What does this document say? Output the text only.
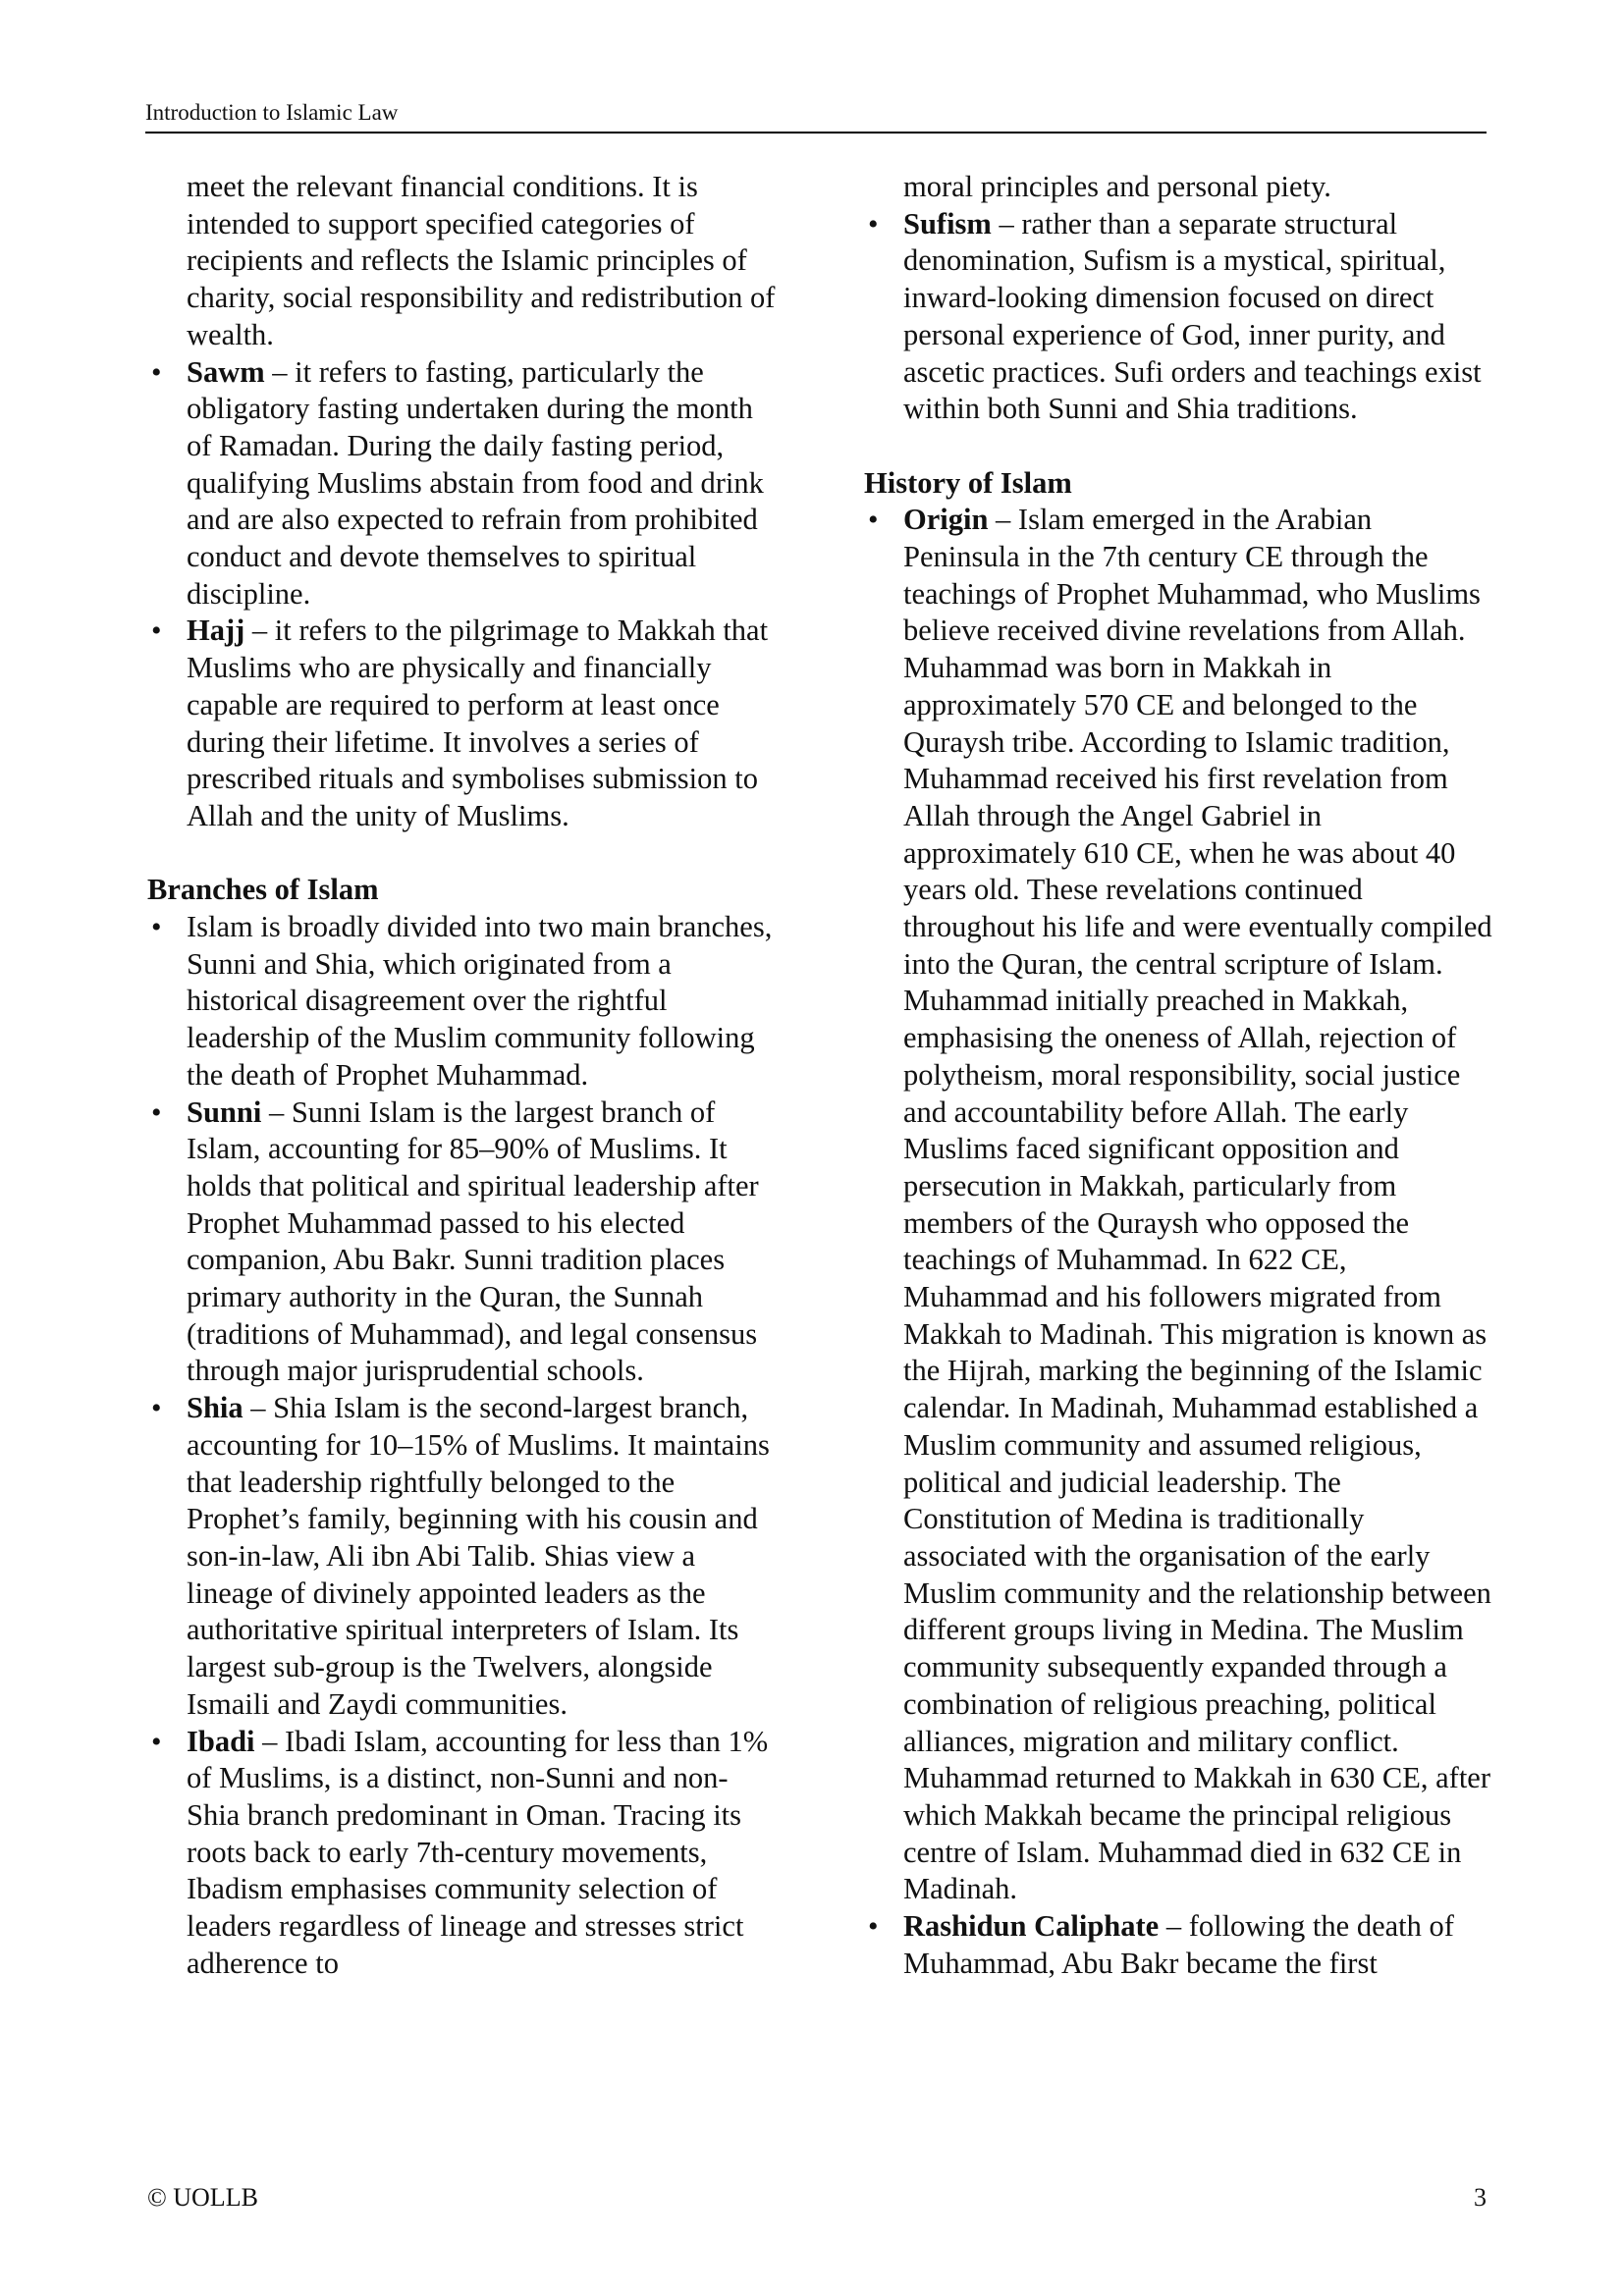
Introduction to Islamic Law
meet the relevant financial conditions. It is intended to support specified categories of recipients and reflects the Islamic principles of charity, social responsibility and redistribution of wealth.
• Sawm – it refers to fasting, particularly the obligatory fasting undertaken during the month of Ramadan. During the daily fasting period, qualifying Muslims abstain from food and drink and are also expected to refrain from prohibited conduct and devote themselves to spiritual discipline.
• Hajj – it refers to the pilgrimage to Makkah that Muslims who are physically and financially capable are required to perform at least once during their lifetime. It involves a series of prescribed rituals and symbolises submission to Allah and the unity of Muslims.
Branches of Islam
• Islam is broadly divided into two main branches, Sunni and Shia, which originated from a historical disagreement over the rightful leadership of the Muslim community following the death of Prophet Muhammad.
• Sunni – Sunni Islam is the largest branch of Islam, accounting for 85–90% of Muslims. It holds that political and spiritual leadership after Prophet Muhammad passed to his elected companion, Abu Bakr. Sunni tradition places primary authority in the Quran, the Sunnah (traditions of Muhammad), and legal consensus through major jurisprudential schools.
• Shia – Shia Islam is the second-largest branch, accounting for 10–15% of Muslims. It maintains that leadership rightfully belonged to the Prophet’s family, beginning with his cousin and son-in-law, Ali ibn Abi Talib. Shias view a lineage of divinely appointed leaders as the authoritative spiritual interpreters of Islam. Its largest sub-group is the Twelvers, alongside Ismaili and Zaydi communities.
• Ibadi – Ibadi Islam, accounting for less than 1% of Muslims, is a distinct, non-Sunni and non-Shia branch predominant in Oman. Tracing its roots back to early 7th-century movements, Ibadism emphasises community selection of leaders regardless of lineage and stresses strict adherence to
moral principles and personal piety.
• Sufism – rather than a separate structural denomination, Sufism is a mystical, spiritual, inward-looking dimension focused on direct personal experience of God, inner purity, and ascetic practices. Sufi orders and teachings exist within both Sunni and Shia traditions.
History of Islam
• Origin – Islam emerged in the Arabian Peninsula in the 7th century CE through the teachings of Prophet Muhammad, who Muslims believe received divine revelations from Allah. Muhammad was born in Makkah in approximately 570 CE and belonged to the Quraysh tribe. According to Islamic tradition, Muhammad received his first revelation from Allah through the Angel Gabriel in approximately 610 CE, when he was about 40 years old. These revelations continued throughout his life and were eventually compiled into the Quran, the central scripture of Islam. Muhammad initially preached in Makkah, emphasising the oneness of Allah, rejection of polytheism, moral responsibility, social justice and accountability before Allah. The early Muslims faced significant opposition and persecution in Makkah, particularly from members of the Quraysh who opposed the teachings of Muhammad. In 622 CE, Muhammad and his followers migrated from Makkah to Madinah. This migration is known as the Hijrah, marking the beginning of the Islamic calendar. In Madinah, Muhammad established a Muslim community and assumed religious, political and judicial leadership. The Constitution of Medina is traditionally associated with the organisation of the early Muslim community and the relationship between different groups living in Medina. The Muslim community subsequently expanded through a combination of religious preaching, political alliances, migration and military conflict. Muhammad returned to Makkah in 630 CE, after which Makkah became the principal religious centre of Islam. Muhammad died in 632 CE in Madinah.
• Rashidun Caliphate – following the death of Muhammad, Abu Bakr became the first
© UOLLB	3
